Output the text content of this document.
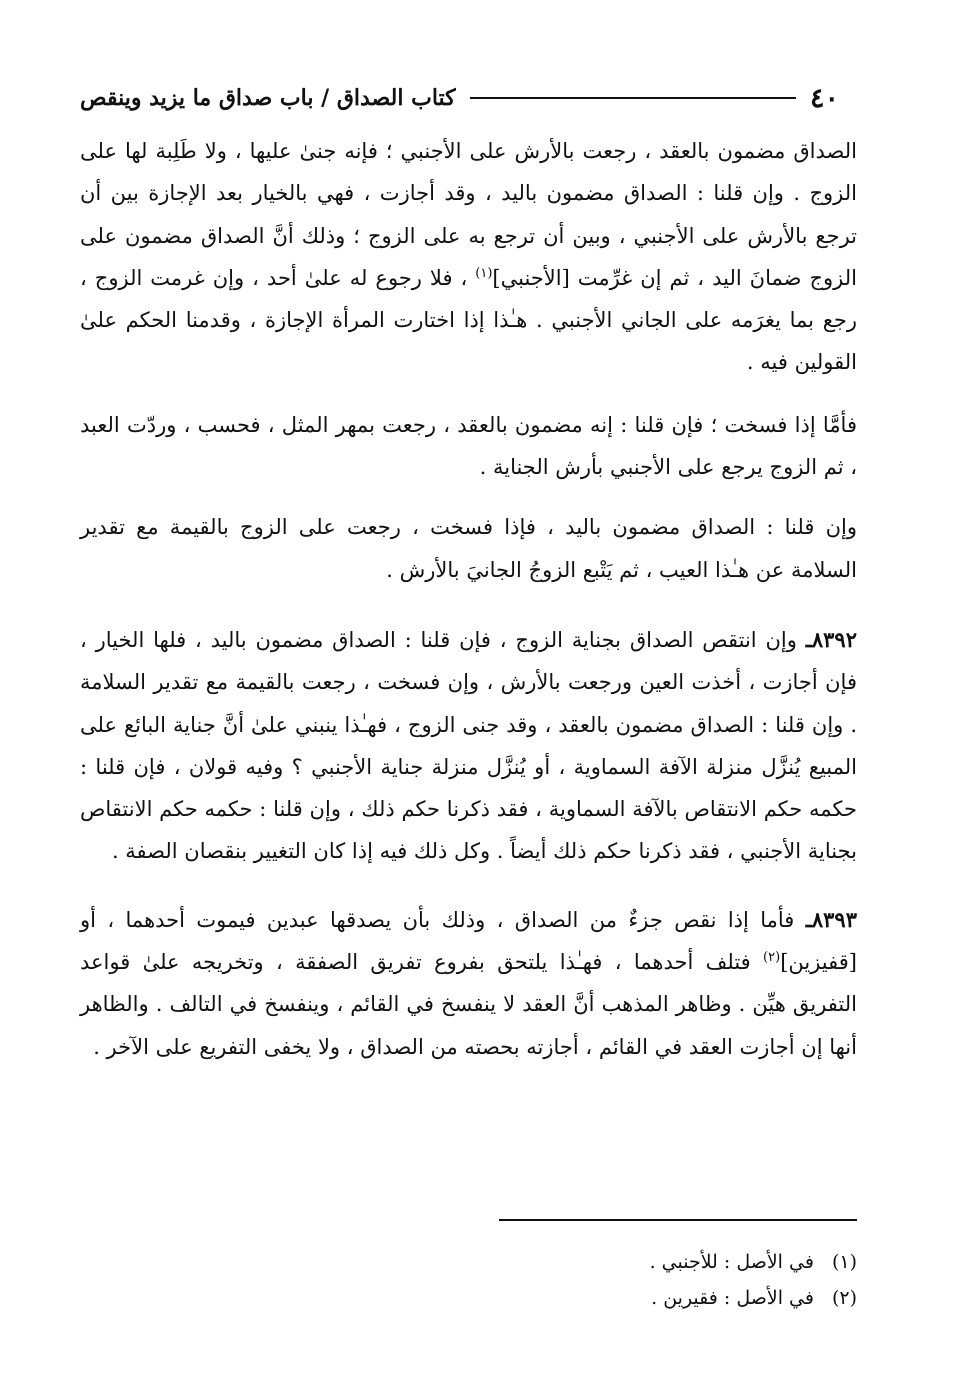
٤٠
كتاب الصداق / باب صداق ما يزيد وينقص

الصداق مضمون بالعقد ، رجعت بالأرش على الأجنبي ؛ فإنه جنىٰ عليها ، ولا طَلِبة لها على الزوج . وإن قلنا : الصداق مضمون باليد ، وقد أجازت ، فهي بالخيار بعد الإجازة بين أن ترجع بالأرش على الأجنبي ، وبين أن ترجع به على الزوج ؛ وذلك أنَّ الصداق مضمون على الزوج ضمانَ اليد ، ثم إن غرِّمت [الأجنبي]$^{(١)}$ ، فلا رجوع له علىٰ أحد ، وإن غرمت الزوج ، رجع بما يغرَمه على الجاني الأجنبي . هـٰذا إذا اختارت المرأة الإجازة ، وقدمنا الحكم علىٰ القولين فيه .

فأمَّا إذا فسخت ؛ فإن قلنا : إنه مضمون بالعقد ، رجعت بمهر المثل ، فحسب ، وردّت العبد ، ثم الزوج يرجع على الأجنبي بأرش الجناية .

وإن قلنا : الصداق مضمون باليد ، فإذا فسخت ، رجعت على الزوج بالقيمة مع تقدير السلامة عن هـٰذا العيب ، ثم يَتْبع الزوجُ الجانيَ بالأرش .

٨٣٩٢ـ وإن انتقص الصداق بجناية الزوج ، فإن قلنا : الصداق مضمون باليد ، فلها الخيار ، فإن أجازت ، أخذت العين ورجعت بالأرش ، وإن فسخت ، رجعت بالقيمة مع تقدير السلامة . وإن قلنا : الصداق مضمون بالعقد ، وقد جنى الزوج ، فهـٰذا ينبني علىٰ أنَّ جناية البائع على المبيع يُنزَّل منزلة الآفة السماوية ، أو يُنزَّل منزلة جناية الأجنبي ؟ وفيه قولان ، فإن قلنا : حكمه حكم الانتقاص بالآفة السماوية ، فقد ذكرنا حكم ذلك ، وإن قلنا : حكمه حكم الانتقاص بجناية الأجنبي ، فقد ذكرنا حكم ذلك أيضاً . وكل ذلك فيه إذا كان التغيير بنقصان الصفة .

٨٣٩٣ـ فأما إذا نقص جزءٌ من الصداق ، وذلك بأن يصدقها عبدين فيموت أحدهما ، أو [قفيزين]$^{(٢)}$ فتلف أحدهما ، فهـٰذا يلتحق بفروع تفريق الصفقة ، وتخريجه علىٰ قواعد التفريق هيِّن . وظاهر المذهب أنَّ العقد لا ينفسخ في القائم ، وينفسخ في التالف . والظاهر أنها إن أجازت العقد في القائم ، أجازته بحصته من الصداق ، ولا يخفى التفريع على الآخر .

(١)
في الأصل : للأجنبي .
(٢)
في الأصل : فقيرين .
